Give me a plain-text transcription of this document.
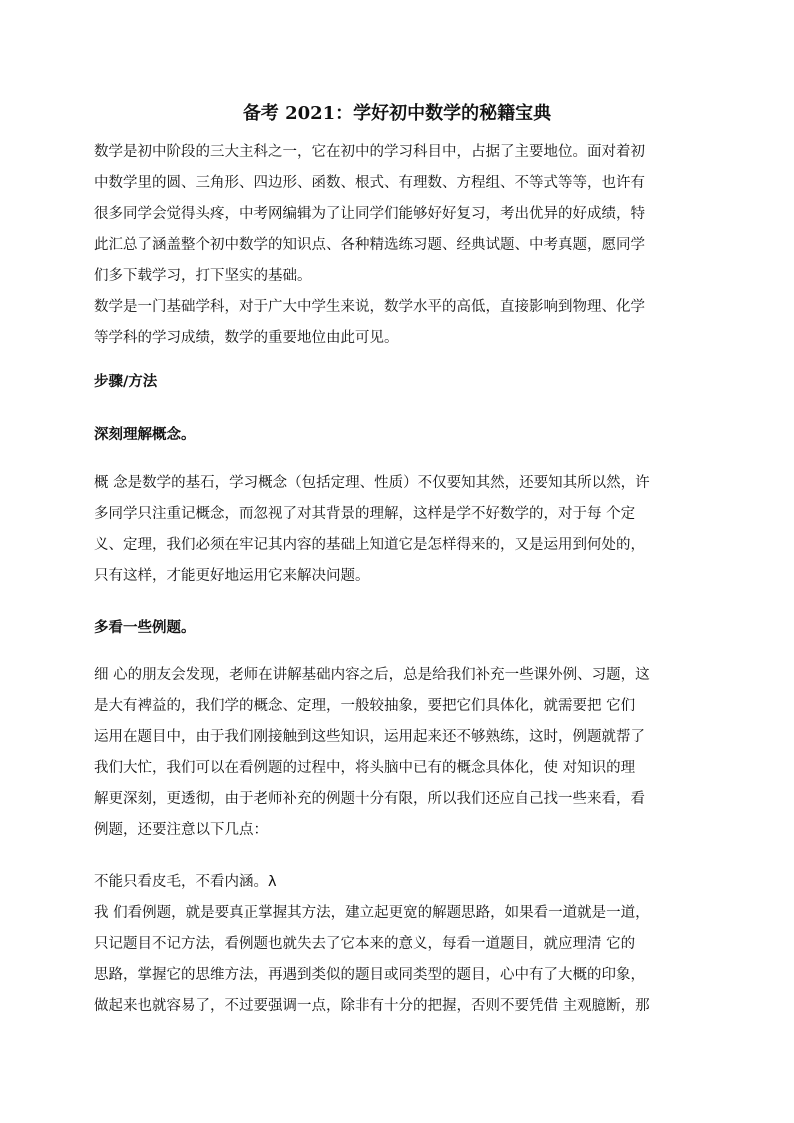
备考 2021：学好初中数学的秘籍宝典
数学是初中阶段的三大主科之一，它在初中的学习科目中，占据了主要地位。面对着初
中数学里的圆、三角形、四边形、函数、根式、有理数、方程组、不等式等等，也许有
很多同学会觉得头疼，中考网编辑为了让同学们能够好好复习，考出优异的好成绩，特
此汇总了涵盖整个初中数学的知识点、各种精选练习题、经典试题、中考真题，愿同学
们多下载学习，打下坚实的基础。
数学是一门基础学科，对于广大中学生来说，数学水平的高低，直接影响到物理、化学
等学科的学习成绩，数学的重要地位由此可见。
步骤/方法
深刻理解概念。
概 念是数学的基石，学习概念（包括定理、性质）不仅要知其然，还要知其所以然，许
多同学只注重记概念，而忽视了对其背景的理解，这样是学不好数学的，对于每 个定
义、定理，我们必须在牢记其内容的基础上知道它是怎样得来的，又是运用到何处的，
只有这样，才能更好地运用它来解决问题。
多看一些例题。
细 心的朋友会发现，老师在讲解基础内容之后，总是给我们补充一些课外例、习题，这
是大有裨益的，我们学的概念、定理，一般较抽象，要把它们具体化，就需要把 它们
运用在题目中，由于我们刚接触到这些知识，运用起来还不够熟练，这时，例题就帮了
我们大忙，我们可以在看例题的过程中，将头脑中已有的概念具体化，使 对知识的理
解更深刻，更透彻，由于老师补充的例题十分有限，所以我们还应自己找一些来看，看
例题，还要注意以下几点：
不能只看皮毛，不看内涵。λ
我 们看例题，就是要真正掌握其方法，建立起更宽的解题思路，如果看一道就是一道，
只记题目不记方法，看例题也就失去了它本来的意义，每看一道题目，就应理清 它的
思路，掌握它的思维方法，再遇到类似的题目或同类型的题目，心中有了大概的印象，
做起来也就容易了，不过要强调一点，除非有十分的把握，否则不要凭借 主观臆断，那
